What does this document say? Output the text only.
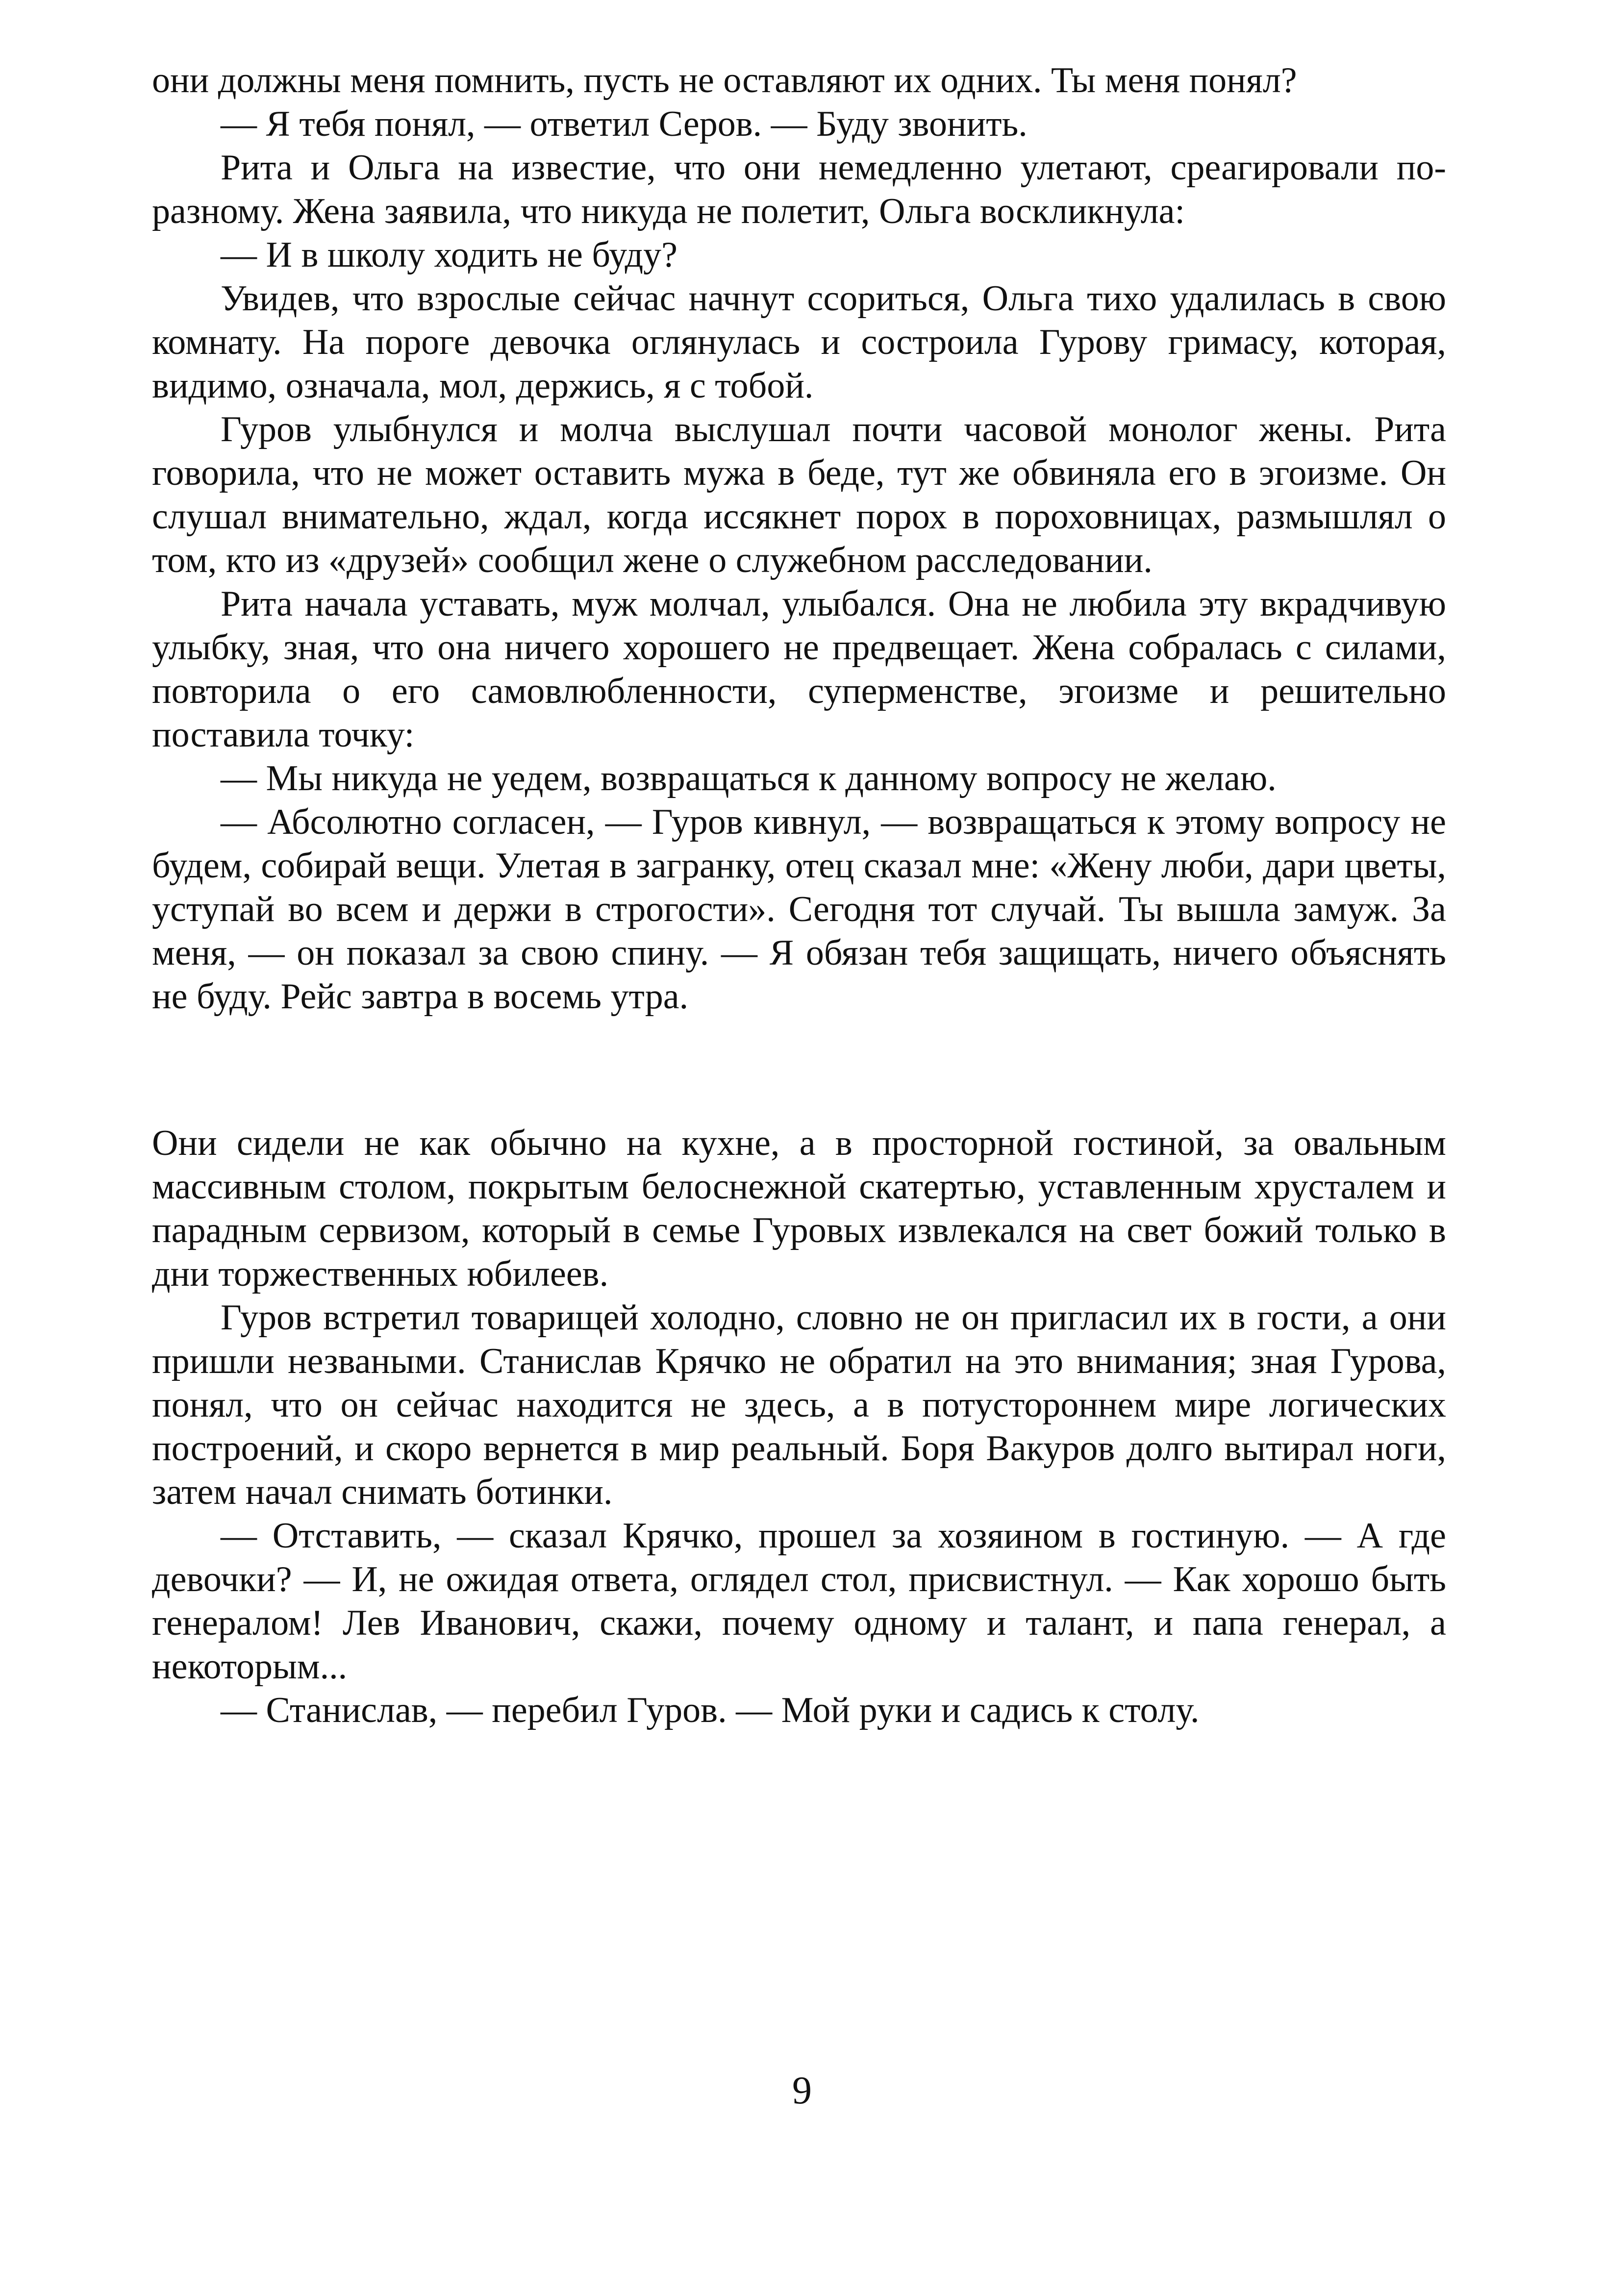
они должны меня помнить, пусть не оставляют их одних. Ты меня понял?

— Я тебя понял, — ответил Серов. — Буду звонить.

Рита и Ольга на известие, что они немедленно улетают, среагировали по-разному. Жена заявила, что никуда не полетит, Ольга воскликнула:

— И в школу ходить не буду?

Увидев, что взрослые сейчас начнут ссориться, Ольга тихо удалилась в свою комнату. На пороге девочка оглянулась и состроила Гурову гримасу, которая, видимо, означала, мол, держись, я с тобой.

Гуров улыбнулся и молча выслушал почти часовой монолог жены. Рита говорила, что не может оставить мужа в беде, тут же обвиняла его в эгоизме. Он слушал внимательно, ждал, когда иссякнет порох в пороховницах, размышлял о том, кто из «друзей» сообщил жене о служебном расследовании.

Рита начала уставать, муж молчал, улыбался. Она не любила эту вкрадчивую улыбку, зная, что она ничего хорошего не предвещает. Жена собралась с силами, повторила о его самовлюбленности, суперменстве, эгоизме и решительно поставила точку:

— Мы никуда не уедем, возвращаться к данному вопросу не желаю.

— Абсолютно согласен, — Гуров кивнул, — возвращаться к этому вопросу не будем, собирай вещи. Улетая в загранку, отец сказал мне: «Жену люби, дари цветы, уступай во всем и держи в строгости». Сегодня тот случай. Ты вышла замуж. За меня, — он показал за свою спину. — Я обязан тебя защищать, ничего объяснять не буду. Рейс завтра в восемь утра.

Они сидели не как обычно на кухне, а в просторной гостиной, за овальным массивным столом, покрытым белоснежной скатертью, уставленным хрусталем и парадным сервизом, который в семье Гуровых извлекался на свет божий только в дни торжественных юбилеев.

Гуров встретил товарищей холодно, словно не он пригласил их в гости, а они пришли незваными. Станислав Крячко не обратил на это внимания; зная Гурова, понял, что он сейчас находится не здесь, а в потустороннем мире логических построений, и скоро вернется в мир реальный. Боря Вакуров долго вытирал ноги, затем начал снимать ботинки.

— Отставить, — сказал Крячко, прошел за хозяином в гостиную. — А где девочки? — И, не ожидая ответа, оглядел стол, присвистнул. — Как хорошо быть генералом! Лев Иванович, скажи, почему одному и талант, и папа генерал, а некоторым...

— Станислав, — перебил Гуров. — Мой руки и садись к столу.

9
